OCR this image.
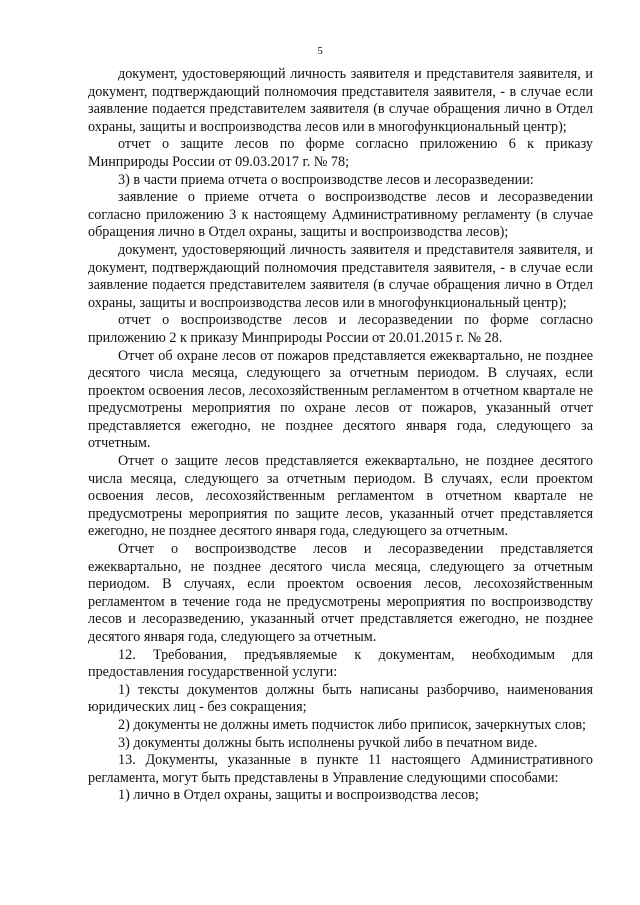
5

документ, удостоверяющий личность заявителя и представителя заявителя, и документ, подтверждающий полномочия представителя заявителя, - в случае если заявление подается представителем заявителя (в случае обращения лично в Отдел охраны, защиты и воспроизводства лесов или в многофункциональный центр);

отчет о защите лесов по форме согласно приложению 6 к приказу Минприроды России от 09.03.2017 г. № 78;

3) в части приема отчета о воспроизводстве лесов и лесоразведении:

заявление о приеме отчета о воспроизводстве лесов и лесоразведении согласно приложению 3 к настоящему Административному регламенту (в случае обращения лично в Отдел охраны, защиты и воспроизводства лесов);

документ, удостоверяющий личность заявителя и представителя заявителя, и документ, подтверждающий полномочия представителя заявителя, - в случае если заявление подается представителем заявителя (в случае обращения лично в Отдел охраны, защиты и воспроизводства лесов или в многофункциональный центр);

отчет о воспроизводстве лесов и лесоразведении по форме согласно приложению 2 к приказу Минприроды России от 20.01.2015 г. № 28.

Отчет об охране лесов от пожаров представляется ежеквартально, не позднее десятого числа месяца, следующего за отчетным периодом. В случаях, если проектом освоения лесов, лесохозяйственным регламентом в отчетном квартале не предусмотрены мероприятия по охране лесов от пожаров, указанный отчет представляется ежегодно, не позднее десятого января года, следующего за отчетным.

Отчет о защите лесов представляется ежеквартально, не позднее десятого числа месяца, следующего за отчетным периодом. В случаях, если проектом освоения лесов, лесохозяйственным регламентом в отчетном квартале не предусмотрены мероприятия по защите лесов, указанный отчет представляется ежегодно, не позднее десятого января года, следующего за отчетным.

Отчет о воспроизводстве лесов и лесоразведении представляется ежеквартально, не позднее десятого числа месяца, следующего за отчетным периодом. В случаях, если проектом освоения лесов, лесохозяйственным регламентом в течение года не предусмотрены мероприятия по воспроизводству лесов и лесоразведению, указанный отчет представляется ежегодно, не позднее десятого января года, следующего за отчетным.

12. Требования, предъявляемые к документам, необходимым для предоставления государственной услуги:

1) тексты документов должны быть написаны разборчиво, наименования юридических лиц - без сокращения;

2) документы не должны иметь подчисток либо приписок, зачеркнутых слов;

3) документы должны быть исполнены ручкой либо в печатном виде.

13. Документы, указанные в пункте 11 настоящего Административного регламента, могут быть представлены в Управление следующими способами:

1) лично в Отдел охраны, защиты и воспроизводства лесов;
